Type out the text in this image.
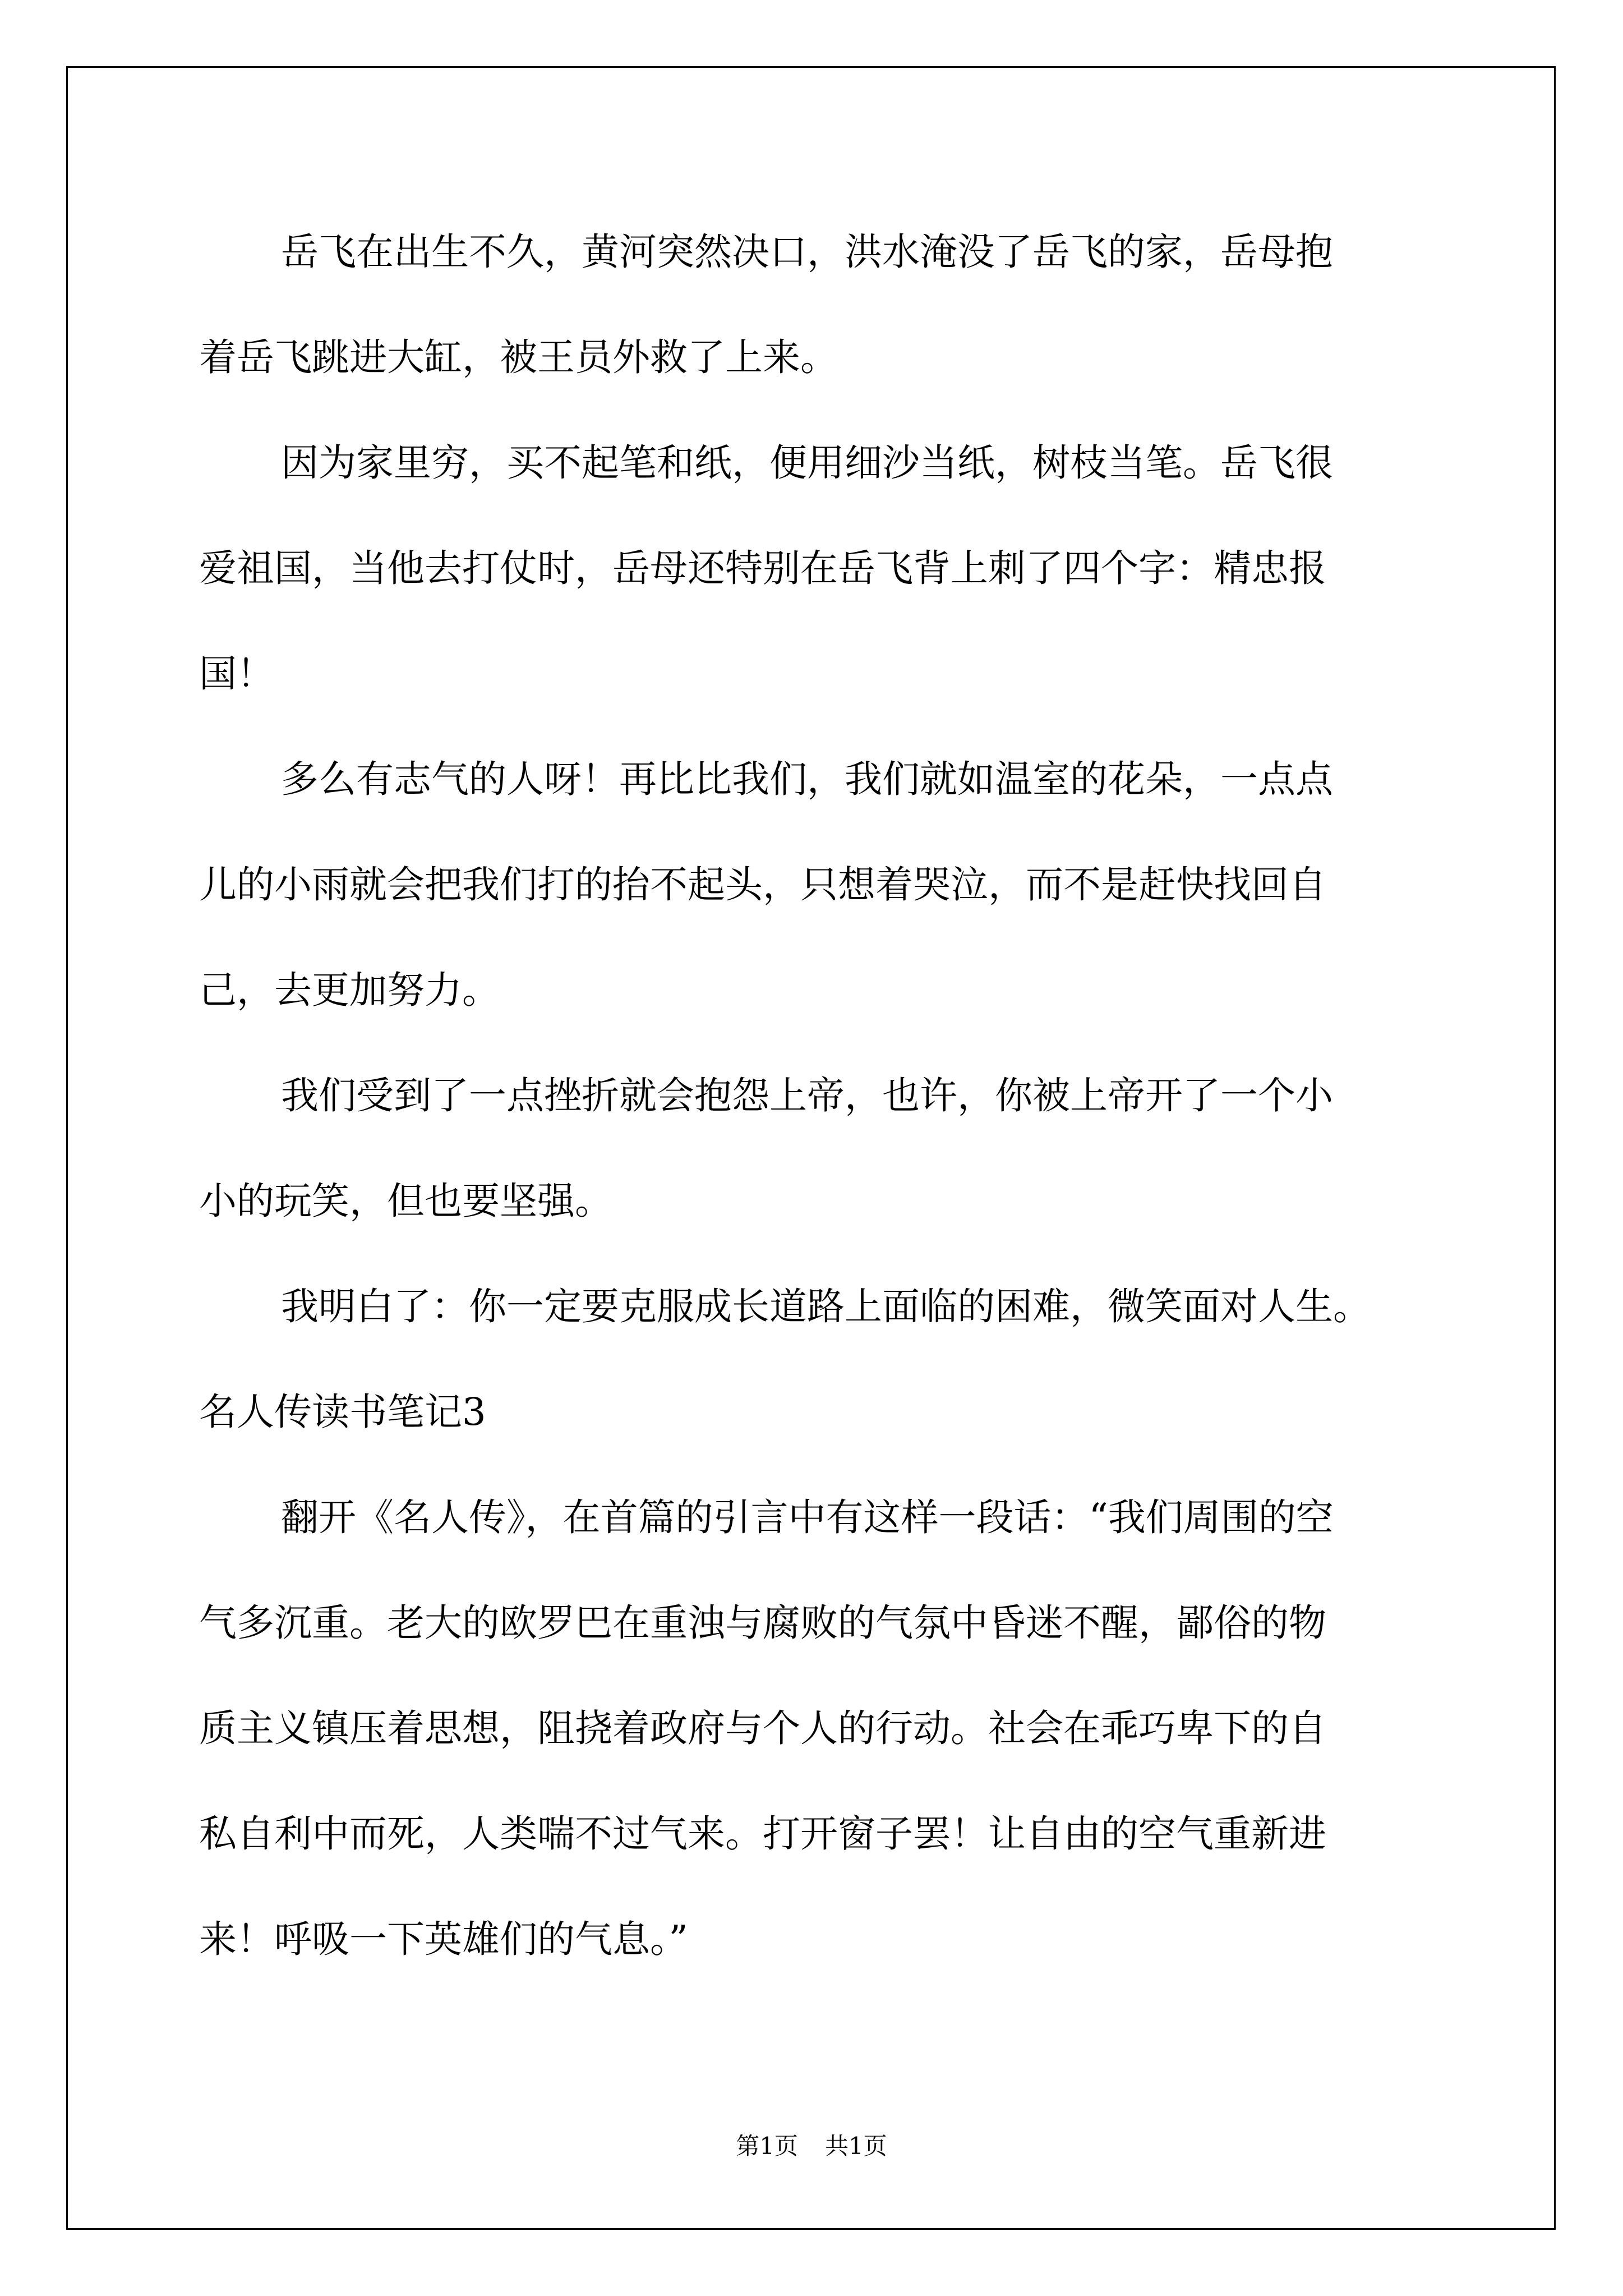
岳飞在出生不久，黄河突然决口，洪水淹没了岳飞的家，岳母抱

着岳飞跳进大缸，被王员外救了上来。

因为家里穷，买不起笔和纸，便用细沙当纸，树枝当笔。岳飞很

爱祖国，当他去打仗时，岳母还特别在岳飞背上刺了四个字：精忠报

国！

多么有志气的人呀！再比比我们，我们就如温室的花朵，一点点

儿的小雨就会把我们打的抬不起头，只想着哭泣，而不是赶快找回自

己，去更加努力。

我们受到了一点挫折就会抱怨上帝，也许，你被上帝开了一个小

小的玩笑，但也要坚强。

我明白了：你一定要克服成长道路上面临的困难，微笑面对人生。

名人传读书笔记3

翻开《名人传》，在首篇的引言中有这样一段话：“我们周围的空

气多沉重。老大的欧罗巴在重浊与腐败的气氛中昏迷不醒，鄙俗的物

质主义镇压着思想，阻挠着政府与个人的行动。社会在乖巧卑下的自

私自利中而死，人类喘不过气来。打开窗子罢！让自由的空气重新进

来！呼吸一下英雄们的气息。”

第1页 共1页
